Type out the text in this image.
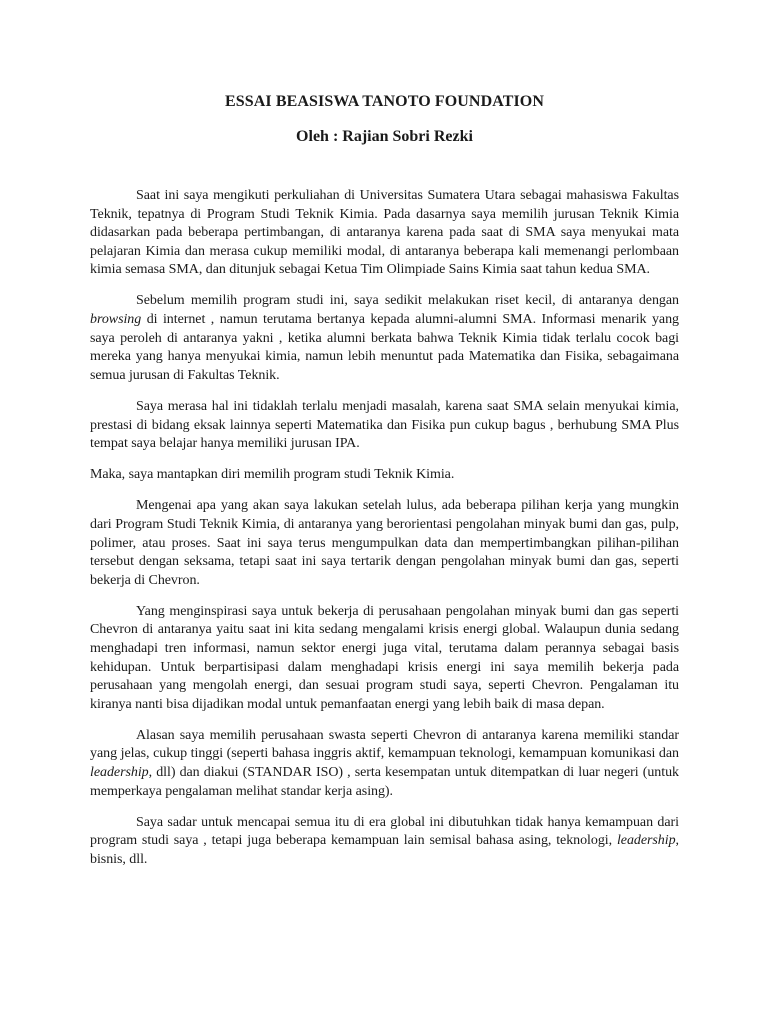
ESSAI BEASISWA TANOTO FOUNDATION
Oleh : Rajian Sobri Rezki

Saat ini saya mengikuti perkuliahan di Universitas Sumatera Utara sebagai mahasiswa Fakultas Teknik, tepatnya di Program Studi Teknik Kimia. Pada dasarnya saya memilih jurusan Teknik Kimia didasarkan pada beberapa pertimbangan, di antaranya karena pada saat di SMA saya menyukai mata pelajaran Kimia dan merasa cukup memiliki modal, di antaranya beberapa kali memenangi perlombaan kimia semasa SMA, dan ditunjuk sebagai Ketua Tim Olimpiade Sains Kimia saat tahun kedua SMA.

Sebelum memilih program studi ini, saya sedikit melakukan riset kecil, di antaranya dengan browsing di internet , namun terutama bertanya kepada alumni-alumni SMA. Informasi menarik yang saya peroleh di antaranya yakni , ketika alumni berkata bahwa Teknik Kimia tidak terlalu cocok bagi mereka yang hanya menyukai kimia, namun lebih menuntut pada Matematika dan Fisika, sebagaimana semua jurusan di Fakultas Teknik.

Saya merasa hal ini tidaklah terlalu menjadi masalah, karena saat SMA selain menyukai kimia, prestasi di bidang eksak lainnya seperti Matematika dan Fisika pun cukup bagus , berhubung SMA Plus tempat saya belajar hanya memiliki jurusan IPA.

Maka, saya mantapkan diri memilih program studi Teknik Kimia.

Mengenai apa yang akan saya lakukan setelah lulus, ada beberapa pilihan kerja yang mungkin dari Program Studi Teknik Kimia, di antaranya yang berorientasi pengolahan minyak bumi dan gas, pulp, polimer, atau proses. Saat ini saya terus mengumpulkan data dan mempertimbangkan pilihan-pilihan tersebut dengan seksama, tetapi saat ini saya tertarik dengan pengolahan minyak bumi dan gas, seperti bekerja di Chevron.

Yang menginspirasi saya untuk bekerja di perusahaan pengolahan minyak bumi dan gas seperti Chevron di antaranya yaitu saat ini kita sedang mengalami krisis energi global. Walaupun dunia sedang menghadapi tren informasi, namun sektor energi juga vital, terutama dalam perannya sebagai basis kehidupan. Untuk berpartisipasi dalam menghadapi krisis energi ini saya memilih bekerja pada perusahaan yang mengolah energi, dan sesuai program studi saya, seperti Chevron. Pengalaman itu kiranya nanti bisa dijadikan modal untuk pemanfaatan energi yang lebih baik di masa depan.

Alasan saya memilih perusahaan swasta seperti Chevron di antaranya karena memiliki standar yang jelas, cukup tinggi (seperti bahasa inggris aktif, kemampuan teknologi, kemampuan komunikasi dan leadership, dll) dan diakui (STANDAR ISO) , serta kesempatan untuk ditempatkan di luar negeri (untuk memperkaya pengalaman melihat standar kerja asing).

Saya sadar untuk mencapai semua itu di era global ini dibutuhkan tidak hanya kemampuan dari program studi saya , tetapi juga beberapa kemampuan lain semisal bahasa asing, teknologi, leadership, bisnis, dll.
